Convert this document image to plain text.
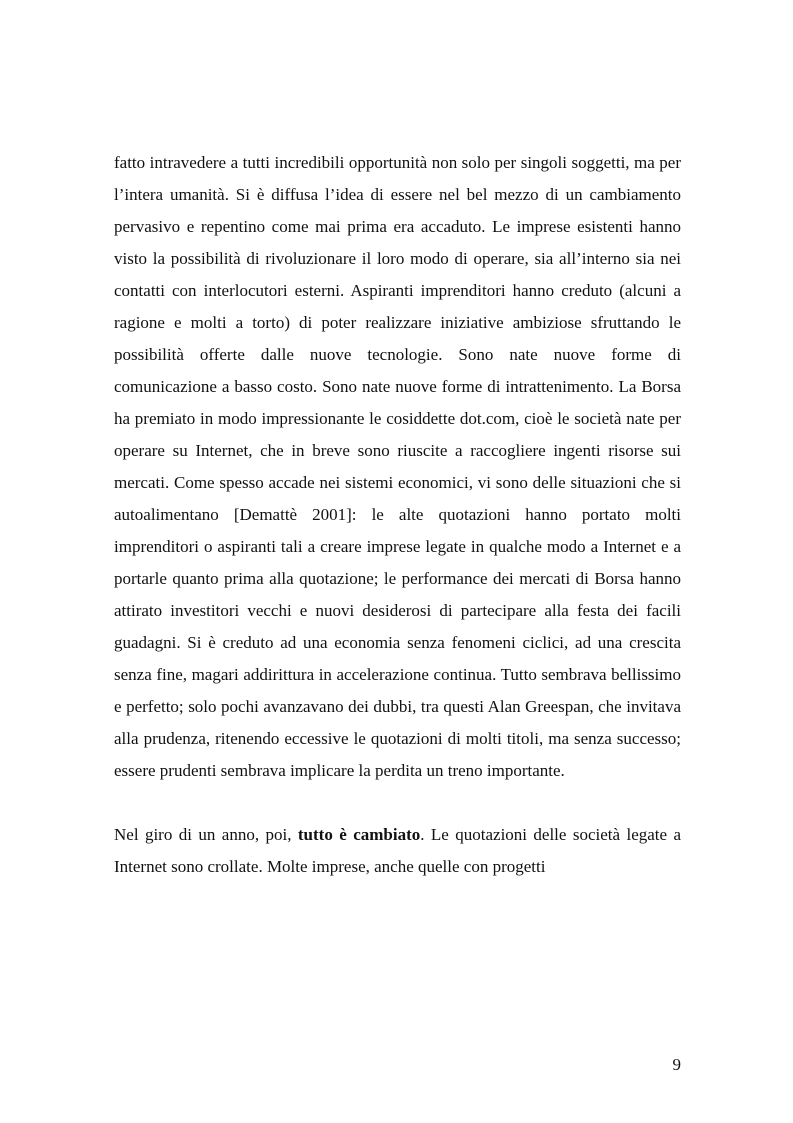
fatto intravedere a tutti incredibili opportunità non solo per singoli soggetti, ma per l’intera umanità. Si è diffusa l’idea di essere nel bel mezzo di un cambiamento pervasivo e repentino come mai prima era accaduto. Le imprese esistenti hanno visto la possibilità di rivoluzionare il loro modo di operare, sia all’interno sia nei contatti con interlocutori esterni. Aspiranti imprenditori hanno creduto (alcuni a ragione e molti a torto) di poter realizzare iniziative ambiziose sfruttando le possibilità offerte dalle nuove tecnologie. Sono nate nuove forme di comunicazione a basso costo. Sono nate nuove forme di intrattenimento. La Borsa ha premiato in modo impressionante le cosiddette dot.com, cioè le società nate per operare su Internet, che in breve sono riuscite a raccogliere ingenti risorse sui mercati. Come spesso accade nei sistemi economici, vi sono delle situazioni che si autoalimentano [Demattè 2001]: le alte quotazioni hanno portato molti imprenditori o aspiranti tali a creare imprese legate in qualche modo a Internet e a portarle quanto prima alla quotazione; le performance dei mercati di Borsa hanno attirato investitori vecchi e nuovi desiderosi di partecipare alla festa dei facili guadagni. Si è creduto ad una economia senza fenomeni ciclici, ad una crescita senza fine, magari addirittura in accelerazione continua. Tutto sembrava bellissimo e perfetto; solo pochi avanzavano dei dubbi, tra questi Alan Greespan, che invitava alla prudenza, ritenendo eccessive le quotazioni di molti titoli, ma senza successo; essere prudenti sembrava implicare la perdita un treno importante.

Nel giro di un anno, poi, tutto è cambiato. Le quotazioni delle società legate a Internet sono crollate. Molte imprese, anche quelle con progetti

9
